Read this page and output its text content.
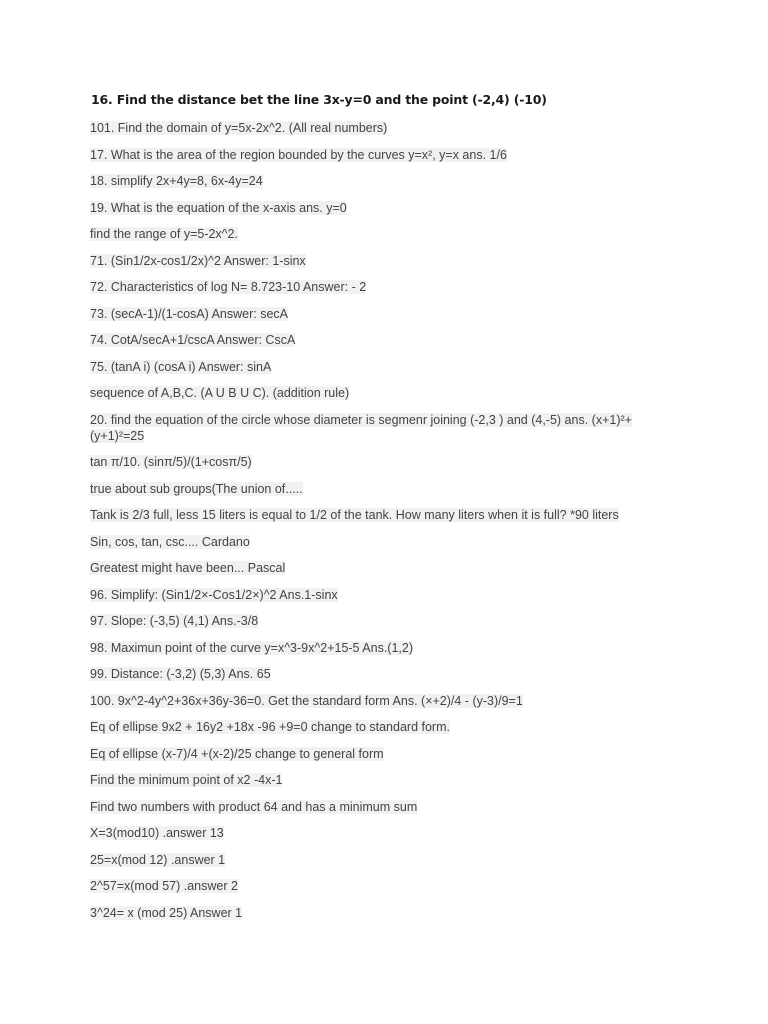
16. Find the distance bet the line 3x-y=0 and the point (-2,4) (-10)
101. Find the domain of y=5x-2x^2. (All real numbers)
17. What is the area of the region bounded by the curves y=x², y=x ans. 1/6
18. simplify 2x+4y=8, 6x-4y=24
19. What is the equation of the x-axis ans. y=0
find the range of y=5-2x^2.
71. (Sin1/2x-cos1/2x)^2 Answer: 1-sinx
72. Characteristics of log N= 8.723-10 Answer: - 2
73. (secA-1)/(1-cosA) Answer: secA
74. CotA/secA+1/cscA Answer: CscA
75. (tanA i) (cosA i) Answer: sinA
sequence of A,B,C. (A U B U C). (addition rule)
20. find the equation of the circle whose diameter is segmenr joining (-2,3 ) and (4,-5) ans. (x+1)²+(y+1)²=25
tan π/10. (sinπ/5)/(1+cosπ/5)
true about sub groups(The union of.....
Tank is 2/3 full, less 15 liters is equal to 1/2 of the tank. How many liters when it is full? *90 liters
Sin, cos, tan, csc.... Cardano
Greatest might have been... Pascal
96. Simplify: (Sin1/2×-Cos1/2×)^2 Ans.1-sinx
97. Slope: (-3,5) (4,1) Ans.-3/8
98. Maximun point of the curve y=x^3-9x^2+15-5 Ans.(1,2)
99. Distance: (-3,2) (5,3) Ans. 65
100. 9x^2-4y^2+36x+36y-36=0. Get the standard form Ans. (×+2)/4 - (y-3)/9=1
Eq of ellipse 9x2 + 16y2 +18x -96 +9=0 change to standard form.
Eq of ellipse (x-7)/4 +(x-2)/25 change to general form
Find the minimum point of x2 -4x-1
Find two numbers with product 64 and has a minimum sum
X=3(mod10) .answer 13
25=x(mod 12) .answer 1
2^57=x(mod 57) .answer 2
3^24= x (mod 25) Answer 1
